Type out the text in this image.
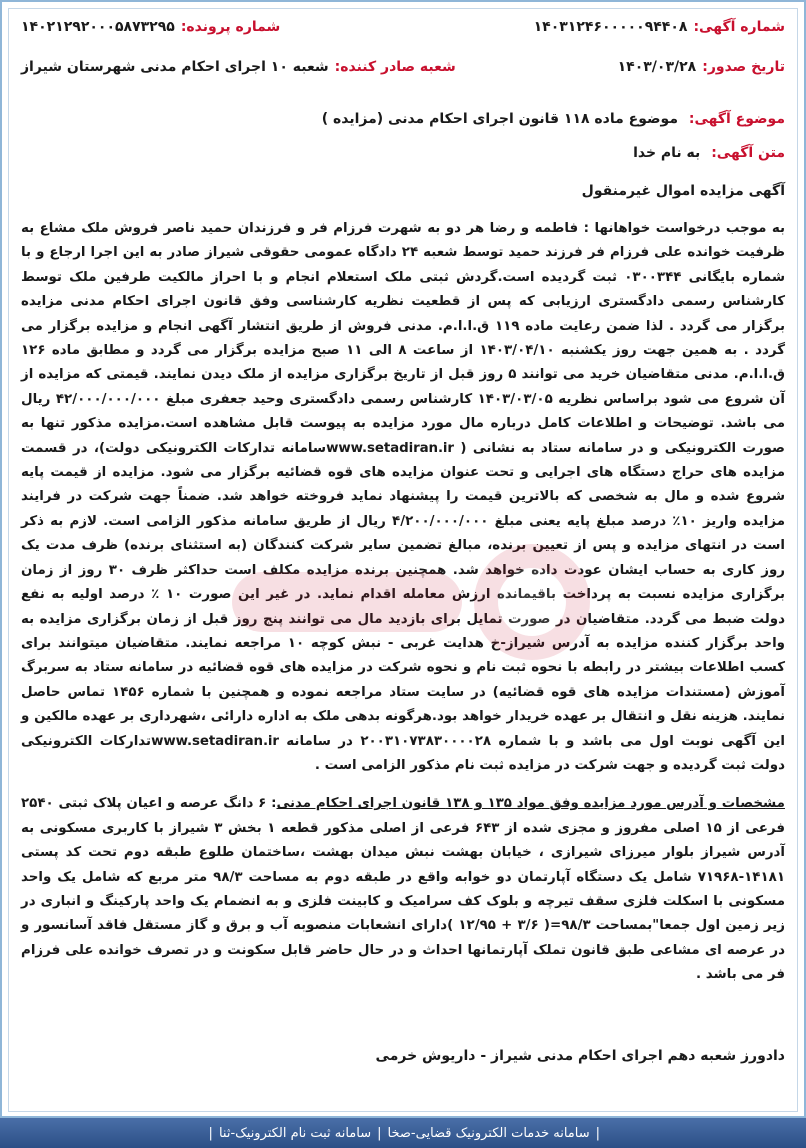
شماره آگهی:
۱۴۰۳۱۲۴۶۰۰۰۰۰۹۴۴۰۸
شماره پرونده:
۱۴۰۲۱۲۹۲۰۰۰۵۸۷۳۲۹۵
تاریخ صدور:
۱۴۰۳/۰۳/۲۸
شعبه صادر کننده:
شعبه ۱۰ اجرای احکام مدنی شهرستان شیراز
موضوع آگهی: موضوع ماده ۱۱۸ قانون اجرای احکام مدنی (مزایده )
متن آگهی: به نام خدا
آگهی مزایده اموال غیرمنقول
به موجب درخواست خواهانها : فاطمه و رضا هر دو به شهرت فرزام فر و فرزندان حمید ناصر فروش ملک مشاع به ظرفیت خوانده علی فرزام فر فرزند حمید توسط شعبه ۲۴ دادگاه عمومی حقوقی شیراز صادر به این اجرا ارجاع و با شماره بایگانی ۰۳۰۰۳۴۴ ثبت گردیده است.گردش ثبتی ملک استعلام انجام و با احراز مالکیت طرفین ملک توسط کارشناس رسمی دادگستری ارزیابی که پس از قطعیت نظریه کارشناسی وفق قانون اجرای احکام مدنی مزایده برگزار می گردد . لذا ضمن رعایت ماده ۱۱۹ ق.ا.ا.م. مدنی فروش از طریق انتشار آگهی انجام و مزایده برگزار می گردد . به همین جهت روز یکشنبه ۱۴۰۳/۰۴/۱۰ از ساعت ۸ الی ۱۱ صبح مزایده برگزار می گردد و مطابق ماده ۱۲۶ ق.ا.ا.م. مدنی متقاضیان خرید می توانند ۵ روز قبل از تاریخ برگزاری مزایده از ملک دیدن نمایند. قیمتی که مزایده از آن شروع می شود براساس نظریه ۱۴۰۳/۰۳/۰۵ کارشناس رسمی دادگستری وحید جعفری مبلغ ۴۲/۰۰۰/۰۰۰/۰۰۰ ریال می باشد. توضیحات و اطلاعات کامل درباره مال مورد مزایده به پیوست قابل مشاهده است.مزایده مذکور تنها به صورت الکترونیکی و در سامانه ستاد به نشانی ( www.setadiran.irسامانه تدارکات الکترونیکی دولت)، در قسمت مزایده های حراج دستگاه های اجرایی و تحت عنوان مزایده های قوه قضائیه برگزار می شود. مزایده از قیمت پایه شروع شده و مال به شخصی که بالاترین قیمت را پیشنهاد نماید فروخته خواهد شد. ضمناً جهت شرکت در فرایند مزایده واریز ۱۰٪ درصد مبلغ پایه یعنی مبلغ ۴/۲۰۰/۰۰۰/۰۰۰ ریال از طریق سامانه مذکور الزامی است. لازم به ذکر است در انتهای مزایده و پس از تعیین برنده، مبالغ تضمین سایر شرکت کنندگان (به استثنای برنده) ظرف مدت یک روز کاری به حساب ایشان عودت داده خواهد شد. همچنین برنده مزایده مکلف است حداکثر ظرف ۳۰ روز از زمان برگزاری مزایده نسبت به پرداخت باقیمانده ارزش معامله اقدام نماید. در غیر این صورت ۱۰ ٪ درصد اولیه به نفع دولت ضبط می گردد. متقاضیان در صورت تمایل برای بازدید مال می توانند پنج روز قبل از زمان برگزاری مزایده به واحد برگزار کننده مزایده به آدرس شیراز-خ هدایت غربی - نبش کوچه ۱۰ مراجعه نمایند. متقاضیان میتوانند برای کسب اطلاعات بیشتر در رابطه با نحوه ثبت نام و نحوه شرکت در مزایده های قوه قضائیه در سامانه ستاد به سربرگ آموزش (مستندات مزایده های قوه قضائیه) در سایت ستاد مراجعه نموده و همچنین با شماره ۱۴۵۶ تماس حاصل نمایند. هزینه نقل و انتقال بر عهده خریدار خواهد بود.هرگونه بدهی ملک به اداره دارائی ،شهرداری بر عهده مالکین و این آگهی نوبت اول می باشد و با شماره ۲۰۰۳۱۰۷۳۸۳۰۰۰۰۲۸ در سامانه www.setadiran.irتدارکات الکترونیکی دولت ثبت گردیده و جهت شرکت در مزایده ثبت نام مذکور الزامی است .
مشخصات و آدرس مورد مزایده وفق مواد ۱۳۵ و ۱۳۸ قانون اجرای احکام مدنی: ۶ دانگ عرصه و اعیان پلاک ثبتی ۲۵۴۰ فرعی از ۱۵ اصلی مفروز و مجزی شده از ۶۴۳ فرعی از اصلی مذکور قطعه ۱ بخش ۳ شیراز با کاربری مسکونی به آدرس شیراز بلوار میرزای شیرازی ، خیابان بهشت نبش میدان بهشت ،ساختمان طلوع طبقه دوم تحت کد پستی ۱۴۱۸۱-۷۱۹۶۸ شامل یک دستگاه آپارتمان دو خوابه واقع در طبقه دوم به مساحت ۹۸/۳ متر مربع که شامل یک واحد مسکونی با اسکلت فلزی سقف تیرچه و بلوک کف سرامیک و کابینت فلزی و به انضمام یک واحد پارکینگ و انباری در زیر زمین اول جمعا"بمساحت ۹۸/۳=( ۳/۶ + ۱۲/۹۵ )دارای انشعابات منصوبه آب و برق و گاز مستقل فاقد آسانسور و در عرصه ای مشاعی طبق قانون تملک آپارتمانها احداث و در حال حاضر قابل سکونت و در تصرف خوانده علی فرزام فر می باشد .
دادورز شعبه دهم اجرای احکام مدنی شیراز - داریوش خرمی
|
سامانه خدمات الکترونیک قضایی-صخا
|
سامانه ثبت نام الکترونیک-ثنا
|
